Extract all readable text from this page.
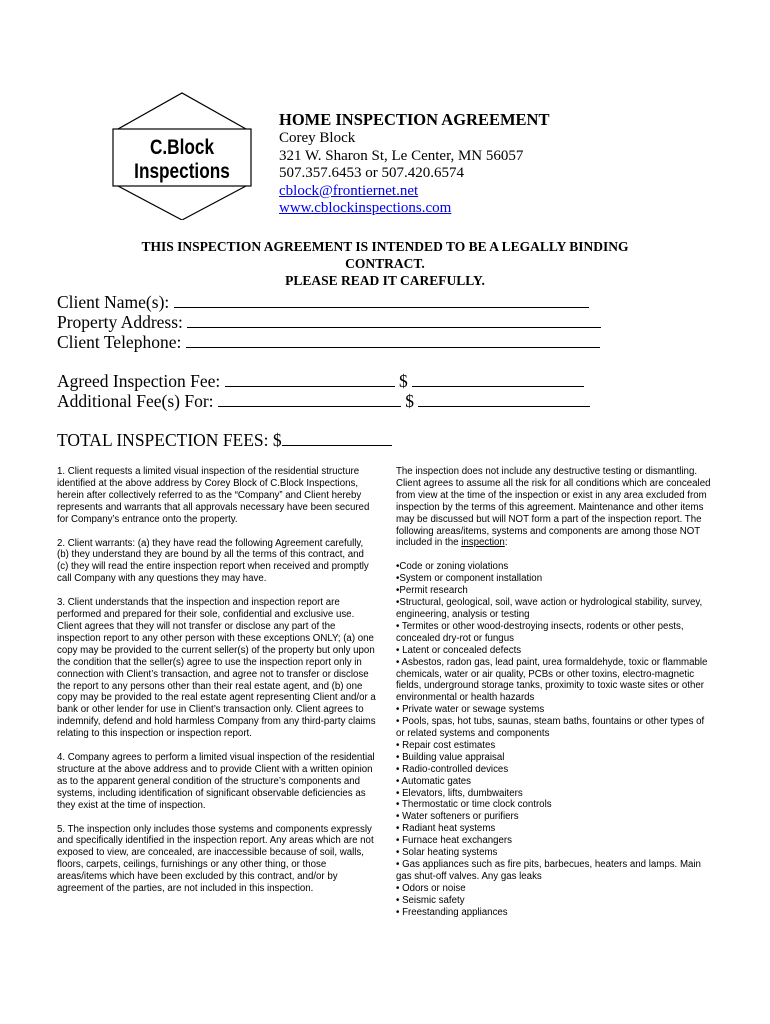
C.Block
Inspections
HOME INSPECTION AGREEMENT
Corey Block
321 W. Sharon St, Le Center, MN 56057
507.357.6453 or 507.420.6574
cblock@frontiernet.net
www.cblockinspections.com
THIS INSPECTION AGREEMENT IS INTENDED TO BE A LEGALLY BINDING
CONTRACT.
PLEASE READ IT CAREFULLY.
Client Name(s):
Property Address:
Client Telephone:
Agreed Inspection Fee:	$
Additional Fee(s) For:	$
TOTAL INSPECTION FEES: $

1. Client requests a limited visual inspection of the residential structure identified at the above address by Corey Block of C.Block Inspections, herein after collectively referred to as the “Company” and Client hereby represents and warrants that all approvals necessary have been secured for Company’s entrance onto the property.

2. Client warrants: (a) they have read the following Agreement carefully, (b) they understand they are bound by all the terms of this contract, and (c) they will read the entire inspection report when received and promptly call Company with any questions they may have.

3. Client understands that the inspection and inspection report are performed and prepared for their sole, confidential and exclusive use. Client agrees that they will not transfer or disclose any part of the inspection report to any other person with these exceptions ONLY; (a) one copy may be provided to the current seller(s) of the property but only upon the condition that the seller(s) agree to use the inspection report only in connection with Client’s transaction, and agree not to transfer or disclose the report to any persons other than their real estate agent, and (b) one copy may be provided to the real estate agent representing Client and/or a bank or other lender for use in Client’s transaction only. Client agrees to indemnify, defend and hold harmless Company from any third-party claims relating to this inspection or inspection report.

4. Company agrees to perform a limited visual inspection of the residential structure at the above address and to provide Client with a written opinion as to the apparent general condition of the structure’s components and systems, including identification of significant observable deficiencies as they exist at the time of inspection.

5. The inspection only includes those systems and components expressly and specifically identified in the inspection report. Any areas which are not exposed to view, are concealed, are inaccessible because of soil, walls, floors, carpets, ceilings, furnishings or any other thing, or those areas/items which have been excluded by this contract, and/or by agreement of the parties, are not included in this inspection.

The inspection does not include any destructive testing or dismantling. Client agrees to assume all the risk for all conditions which are concealed from view at the time of the inspection or exist in any area excluded from inspection by the terms of this agreement. Maintenance and other items may be discussed but will NOT form a part of the inspection report. The following areas/items, systems and components are among those NOT included in the inspection:

•Code or zoning violations
•System or component installation
•Permit research
•Structural, geological, soil, wave action or hydrological stability, survey, engineering, analysis or testing
• Termites or other wood-destroying insects, rodents or other pests, concealed dry-rot or fungus
• Latent or concealed defects
• Asbestos, radon gas, lead paint, urea formaldehyde, toxic or flammable chemicals, water or air quality, PCBs or other toxins, electro-magnetic fields, underground storage tanks, proximity to toxic waste sites or other environmental or health hazards
• Private water or sewage systems
• Pools, spas, hot tubs, saunas, steam baths, fountains or other types of or related systems and components
• Repair cost estimates
• Building value appraisal
• Radio-controlled devices
• Automatic gates
• Elevators, lifts, dumbwaiters
• Thermostatic or time clock controls
• Water softeners or purifiers
• Radiant heat systems
• Furnace heat exchangers
• Solar heating systems
• Gas appliances such as fire pits, barbecues, heaters and lamps. Main gas shut-off valves. Any gas leaks
• Odors or noise
• Seismic safety
• Freestanding appliances
